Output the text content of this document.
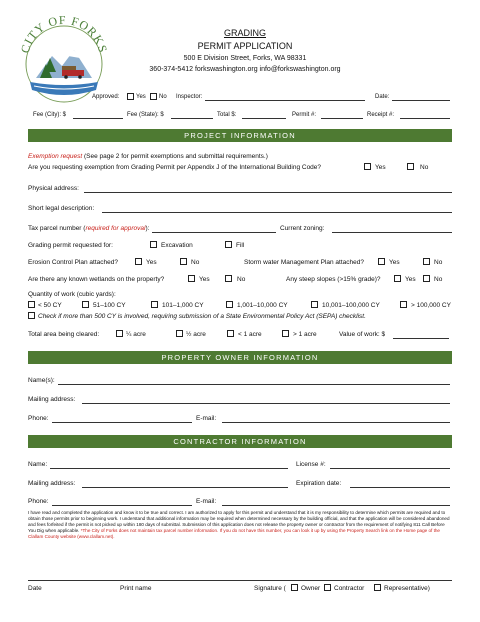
CITY OF FORKS
GRADING
PERMIT APPLICATION
500 E Division Street, Forks, WA 98331
360-374-5412 forkswashington.org info@forkswashington.org
Approved:	Yes No Inspector:	Date:
Fee (City): $	Fee (State): $	Total $:	Permit #:	Receipt #:
PROJECT INFORMATION
Exemption request (See page 2 for permit exemptions and submittal requirements.)
Are you requesting exemption from Grading Permit per Appendix J of the International Building Code?	Yes	No
Physical address:
Short legal description:
Tax parcel number (required for approval):	Current zoning:
Grading permit requested for:	Excavation	Fill
Erosion Control Plan attached?	Yes	No	Storm water Management Plan attached?	Yes	No
Are there any known wetlands on the property?	Yes	No	Any steep slopes (>15% grade)?	Yes	No
Quantity of work (cubic yards):
< 50 CY	51–100 CY	101–1,000 CY	1,001–10,000 CY	10,001–100,000 CY	> 100,000 CY
Check if more than 500 CY is involved, requiring submission of a State Environmental Policy Act (SEPA) checklist.
Total area being cleared:	¼ acre	½ acre	< 1 acre	> 1 acre	Value of work: $
PROPERTY OWNER INFORMATION
Name(s):
Mailing address:
Phone:	E-mail:
CONTRACTOR INFORMATION
Name:	License #:
Mailing address:	Expiration date:
Phone:	E-mail:
I have read and completed the application and know it to be true and correct. I am authorized to apply for this permit and understand that it is my responsibility to determine which permits are required and to obtain those permits prior to beginning work. I understand that additional information may be required when determined necessary by the building official, and that the application will be considered abandoned and fees forfeited if the permit is not picked up within 180 days of submittal. Submission of this application does not release the property owner or contractor from the requirement of notifying 811 Call Before You Dig when applicable. *The City of Forks does not maintain tax parcel number information. If you do not have this number, you can look it up by using the Property Search link on the Home page of the Clallam County website (www.clallam.net).
Date	Print name	Signature ( Owner Contractor	Representative)
